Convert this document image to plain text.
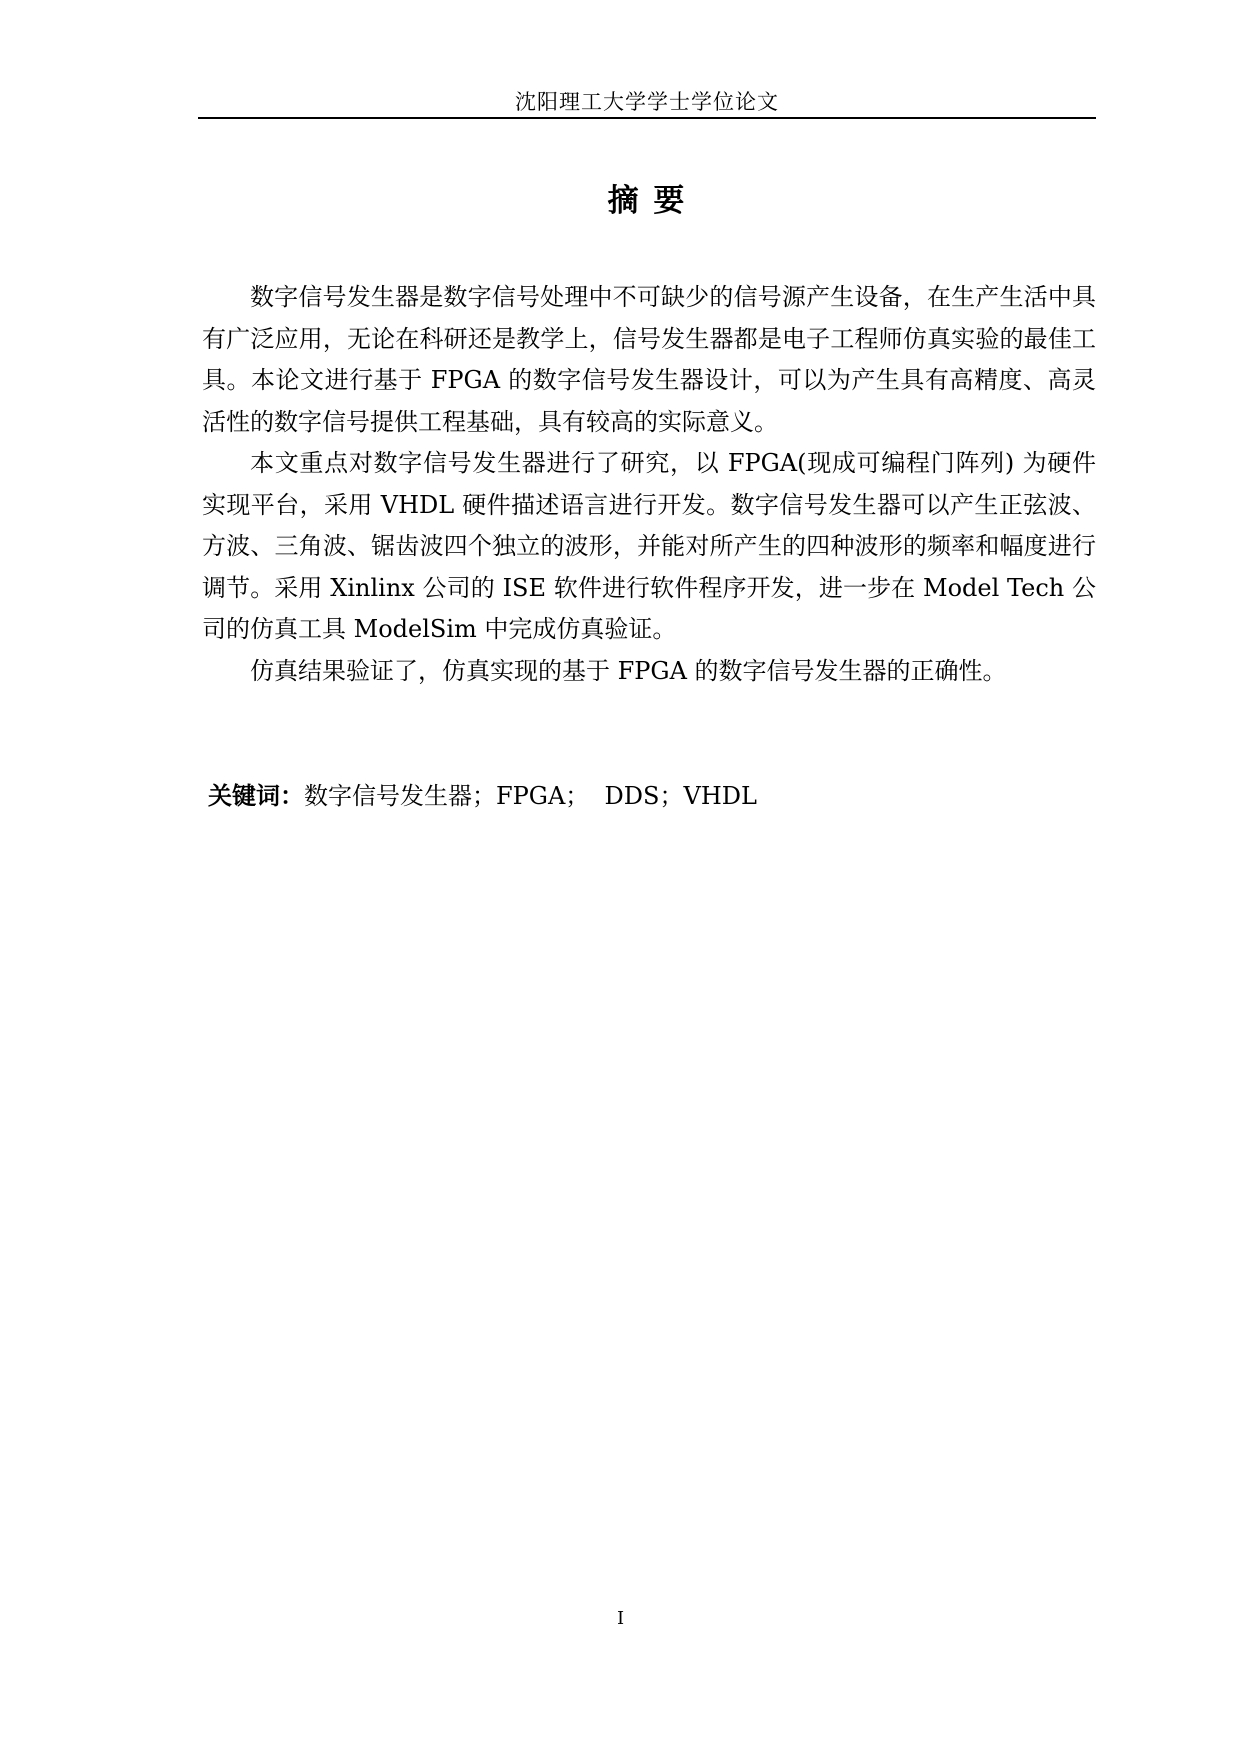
沈阳理工大学学士学位论文
摘 要

数字信号发生器是数字信号处理中不可缺少的信号源产生设备，在生产生活中具有广泛应用，无论在科研还是教学上，信号发生器都是电子工程师仿真实验的最佳工具。本论文进行基于 FPGA 的数字信号发生器设计，可以为产生具有高精度、高灵活性的数字信号提供工程基础，具有较高的实际意义。

本文重点对数字信号发生器进行了研究，以 FPGA(现成可编程门阵列) 为硬件实现平台，采用 VHDL 硬件描述语言进行开发。数字信号发生器可以产生正弦波、方波、三角波、锯齿波四个独立的波形，并能对所产生的四种波形的频率和幅度进行调节。采用 Xinlinx 公司的 ISE 软件进行软件程序开发，进一步在 Model Tech 公司的仿真工具 ModelSim 中完成仿真验证。

仿真结果验证了，仿真实现的基于 FPGA 的数字信号发生器的正确性。

关键词：数字信号发生器；FPGA；  DDS；VHDL
I
